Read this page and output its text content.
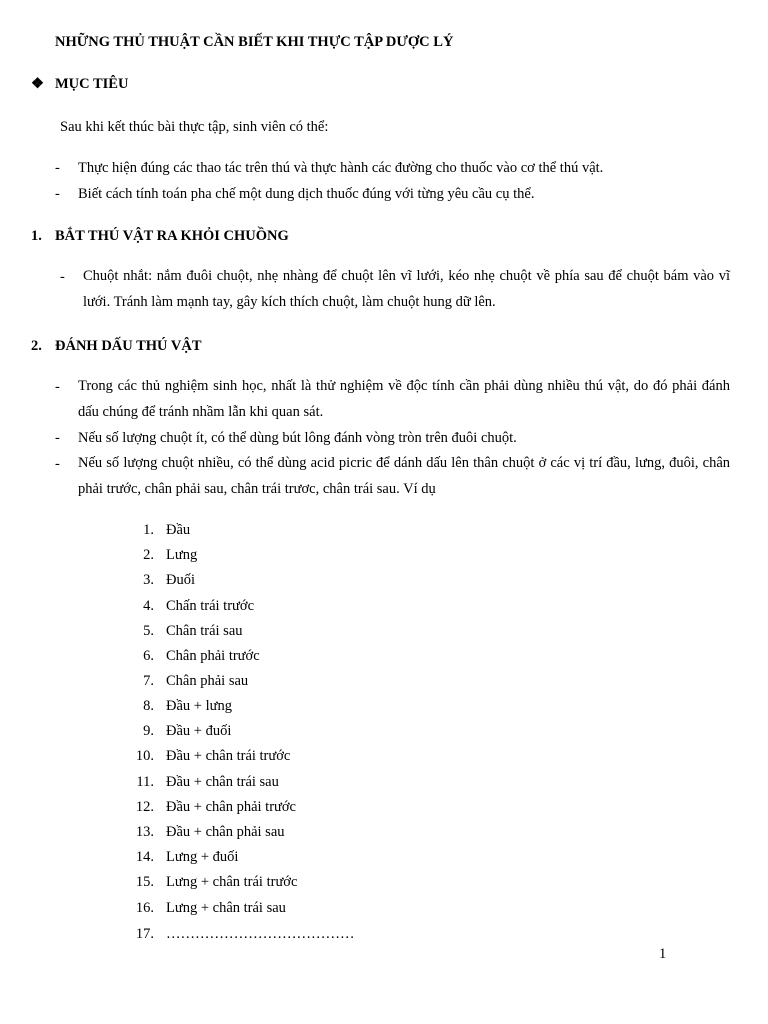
NHỮNG THỦ THUẬT CẦN BIẾT KHI THỰC TẬP DƯỢC LÝ
❖ MỤC TIÊU
Sau khi kết thúc bài thực tập, sinh viên có thể:
- Thực hiện đúng các thao tác trên thú và thực hành các đường cho thuốc vào cơ thể thú vật.
- Biết cách tính toán pha chế một dung dịch thuốc đúng với từng yêu cầu cụ thể.
1. BẮT THÚ VẬT RA KHỎI CHUỒNG
- Chuột nhắt: nắm đuôi chuột, nhẹ nhàng để chuột lên vĩ lưới, kéo nhẹ chuột về phía sau để chuột bám vào vĩ lưới. Tránh làm mạnh tay, gây kích thích chuột, làm chuột hung dữ lên.
2. ĐÁNH DẤU THÚ VẬT
- Trong các thủ nghiệm sinh học, nhất là thử nghiệm về độc tính cần phải dùng nhiều thú vật, do đó phải đánh dấu chúng để tránh nhầm lẫn khi quan sát.
- Nếu số lượng chuột ít, có thể dùng bút lông đánh vòng tròn trên đuôi chuột.
- Nếu số lượng chuột nhiều, có thể dùng acid picric để dánh dấu lên thân chuột ở các vị trí đầu, lưng, đuôi, chân phải trước, chân phải sau, chân trái trươc, chân trái sau. Ví dụ
1. Đầu
2. Lưng
3. Đuối
4. Chấn trái trước
5. Chân trái sau
6. Chân phải trước
7. Chân phải sau
8. Đầu + lưng
9. Đầu + đuối
10. Đầu + chân trái trước
11. Đầu + chân trái sau
12. Đầu + chân phải trước
13. Đầu + chân phải sau
14. Lưng + đuối
15. Lưng + chân trái trước
16. Lưng + chân trái sau
17. …………………………………
1
